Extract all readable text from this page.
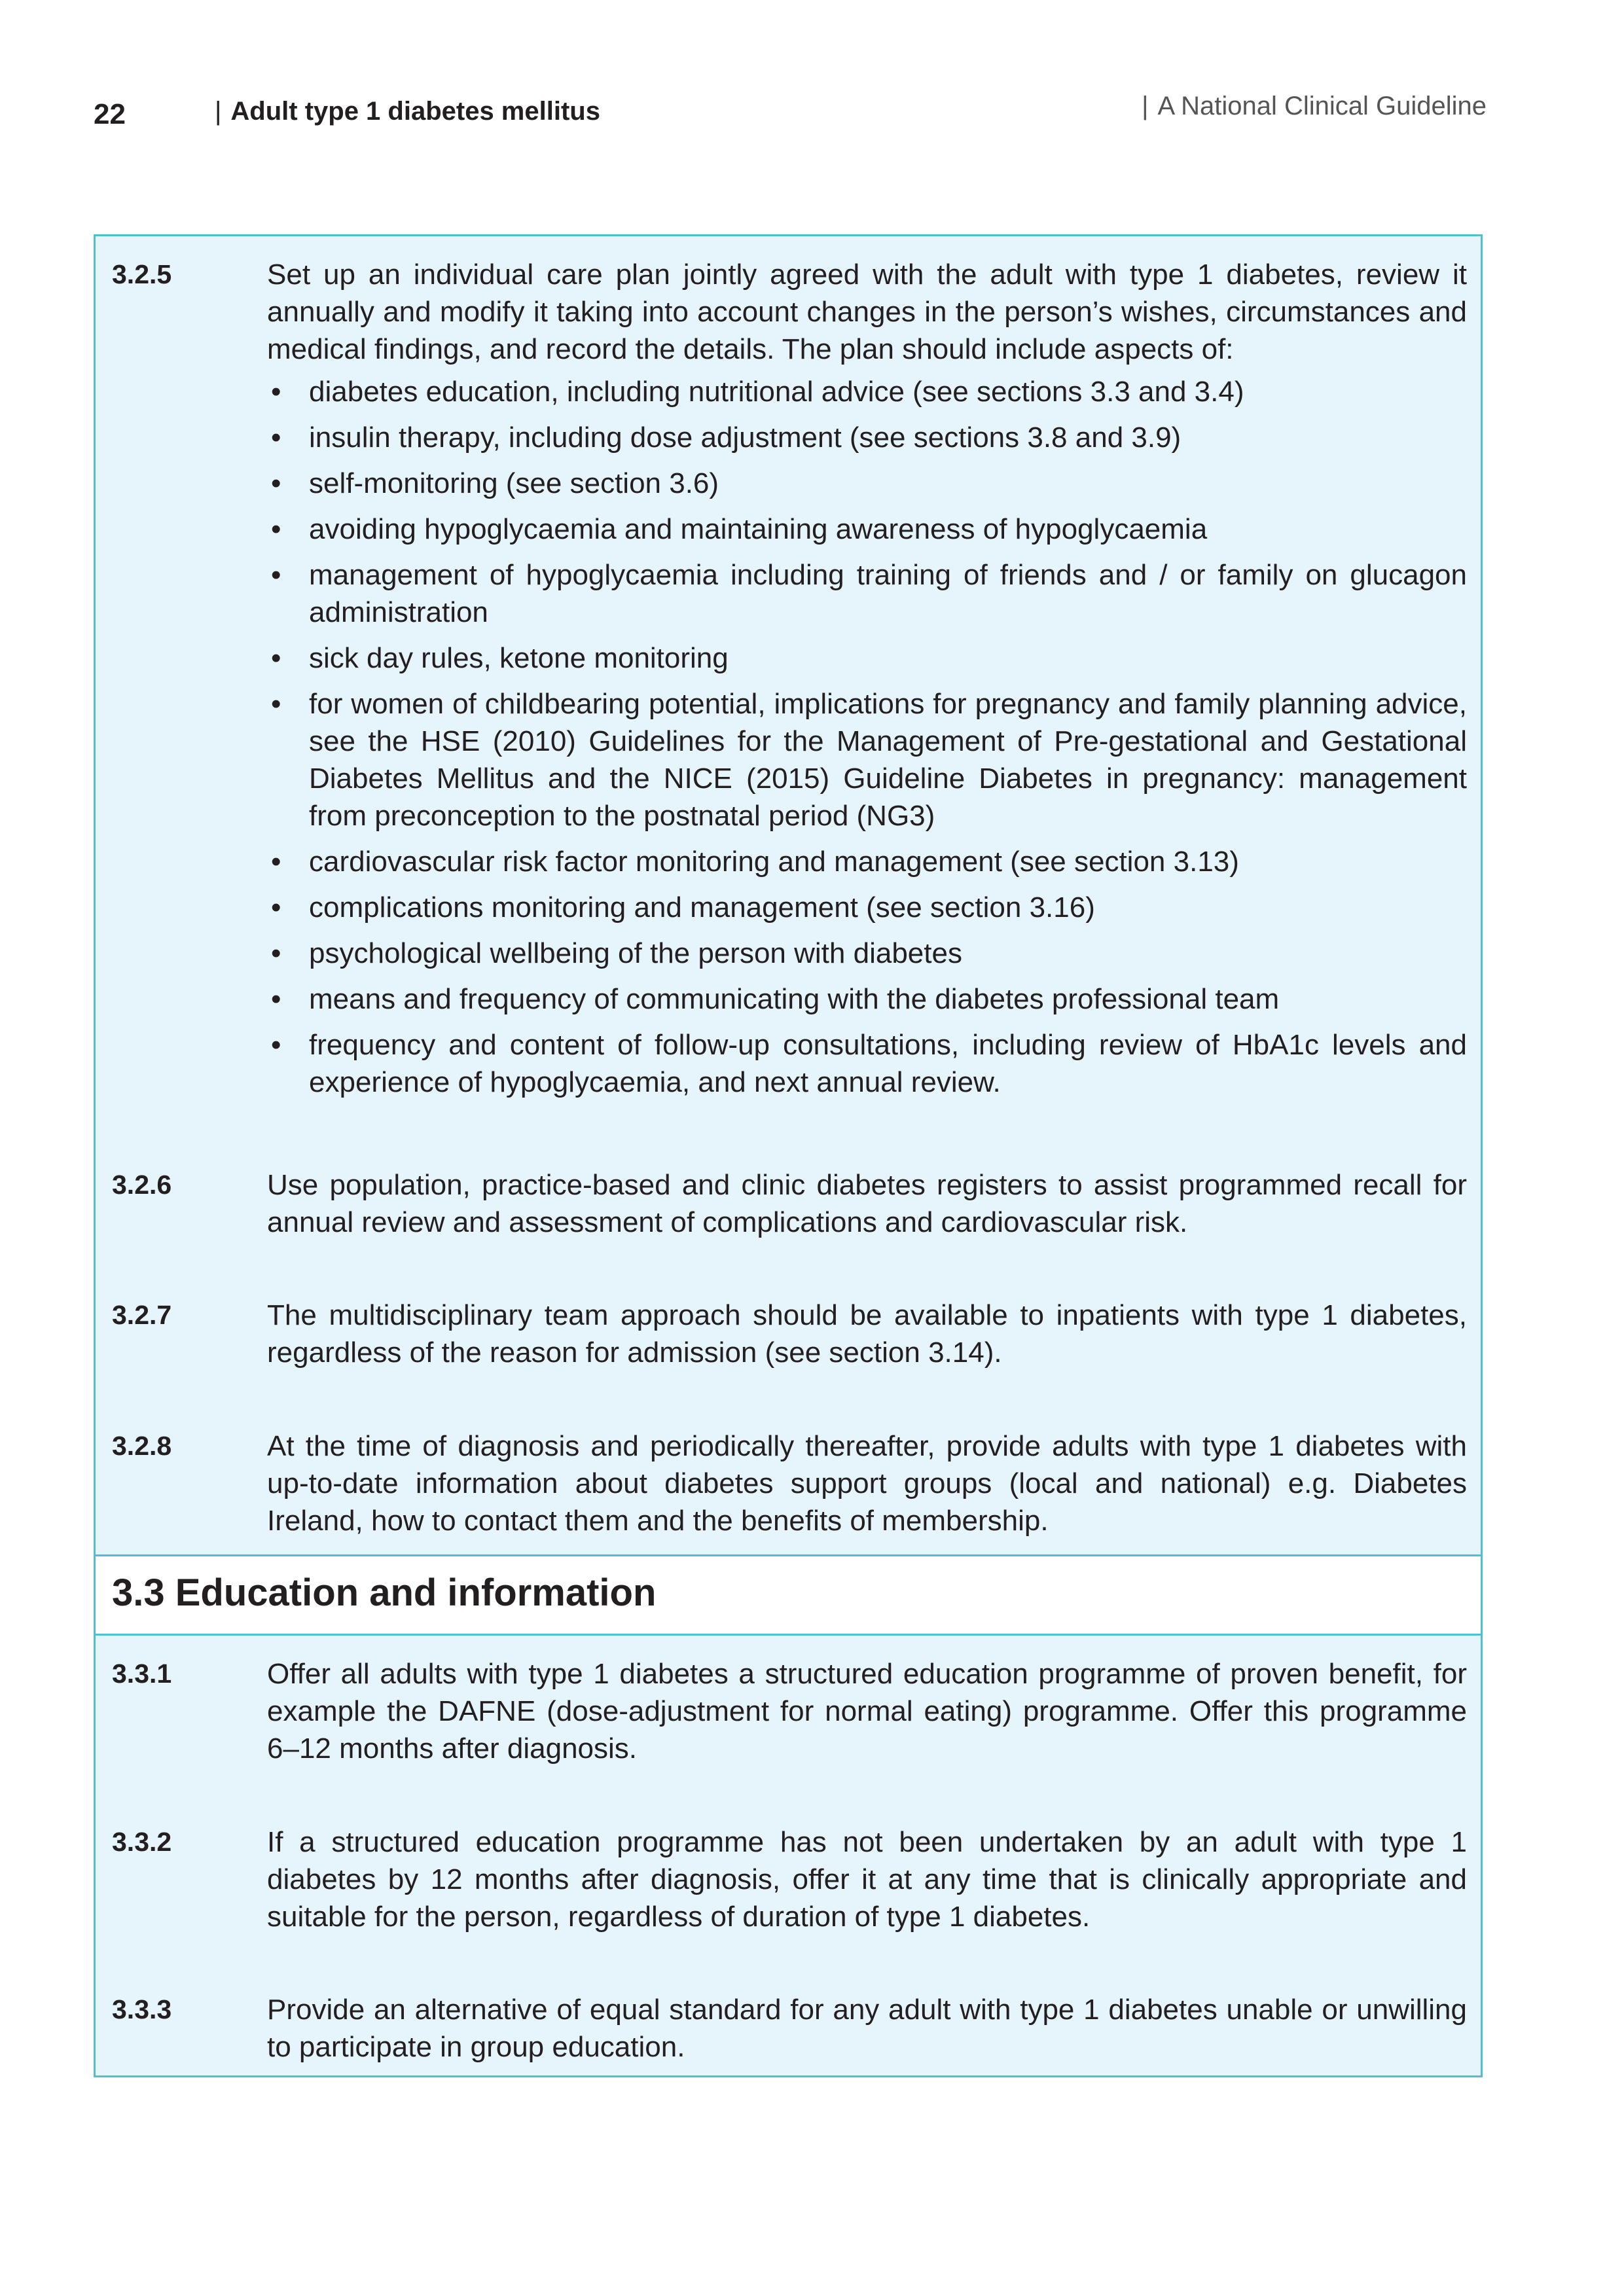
22	| Adult type 1 diabetes mellitus	| A National Clinical Guideline
3.2.5	Set up an individual care plan jointly agreed with the adult with type 1 diabetes, review it annually and modify it taking into account changes in the person’s wishes, circumstances and medical findings, and record the details. The plan should include aspects of:
• diabetes education, including nutritional advice (see sections 3.3 and 3.4)
• insulin therapy, including dose adjustment (see sections 3.8 and 3.9)
• self-monitoring (see section 3.6)
• avoiding hypoglycaemia and maintaining awareness of hypoglycaemia
• management of hypoglycaemia including training of friends and / or family on glucagon administration
• sick day rules, ketone monitoring
• for women of childbearing potential, implications for pregnancy and family planning advice, see the HSE (2010) Guidelines for the Management of Pre-gestational and Gestational Diabetes Mellitus and the NICE (2015) Guideline Diabetes in pregnancy: management from preconception to the postnatal period (NG3)
• cardiovascular risk factor monitoring and management (see section 3.13)
• complications monitoring and management (see section 3.16)
• psychological wellbeing of the person with diabetes
• means and frequency of communicating with the diabetes professional team
• frequency and content of follow-up consultations, including review of HbA1c levels and experience of hypoglycaemia, and next annual review.
3.2.6	Use population, practice-based and clinic diabetes registers to assist programmed recall for annual review and assessment of complications and cardiovascular risk.
3.2.7	The multidisciplinary team approach should be available to inpatients with type 1 diabetes, regardless of the reason for admission (see section 3.14).
3.2.8	At the time of diagnosis and periodically thereafter, provide adults with type 1 diabetes with up-to-date information about diabetes support groups (local and national) e.g. Diabetes Ireland, how to contact them and the benefits of membership.
3.3 Education and information
3.3.1	Offer all adults with type 1 diabetes a structured education programme of proven benefit, for example the DAFNE (dose-adjustment for normal eating) programme. Offer this programme 6–12 months after diagnosis.
3.3.2	If a structured education programme has not been undertaken by an adult with type 1 diabetes by 12 months after diagnosis, offer it at any time that is clinically appropriate and suitable for the person, regardless of duration of type 1 diabetes.
3.3.3	Provide an alternative of equal standard for any adult with type 1 diabetes unable or unwilling to participate in group education.
